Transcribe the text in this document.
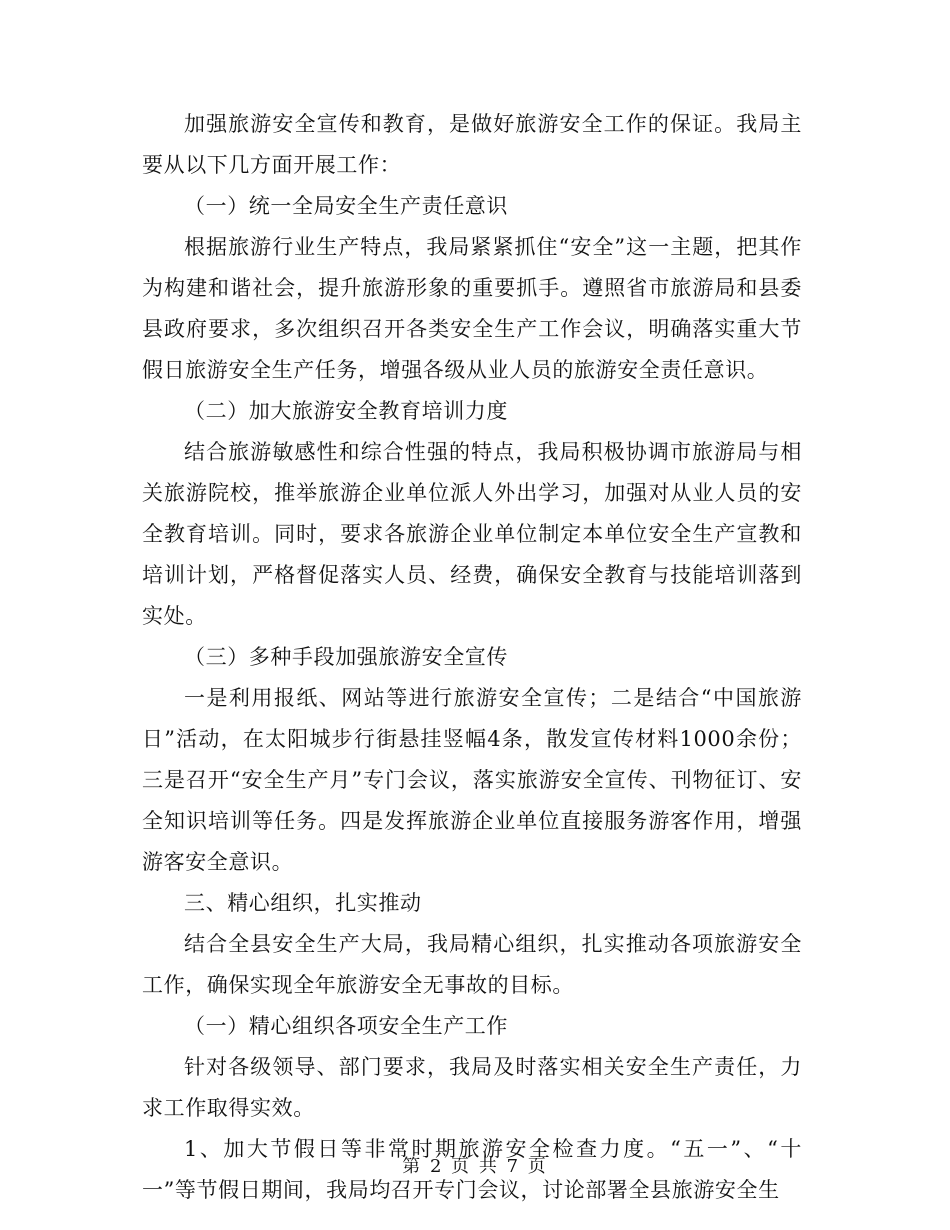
加强旅游安全宣传和教育，是做好旅游安全工作的保证。我局主要从以下几方面开展工作：

（一）统一全局安全生产责任意识

根据旅游行业生产特点，我局紧紧抓住“安全”这一主题，把其作为构建和谐社会，提升旅游形象的重要抓手。遵照省市旅游局和县委县政府要求，多次组织召开各类安全生产工作会议，明确落实重大节假日旅游安全生产任务，增强各级从业人员的旅游安全责任意识。

（二）加大旅游安全教育培训力度

结合旅游敏感性和综合性强的特点，我局积极协调市旅游局与相关旅游院校，推举旅游企业单位派人外出学习，加强对从业人员的安全教育培训。同时，要求各旅游企业单位制定本单位安全生产宣教和培训计划，严格督促落实人员、经费，确保安全教育与技能培训落到实处。

（三）多种手段加强旅游安全宣传

一是利用报纸、网站等进行旅游安全宣传；二是结合“中国旅游日”活动，在太阳城步行街悬挂竖幅4条，散发宣传材料1000余份；三是召开“安全生产月”专门会议，落实旅游安全宣传、刊物征订、安全知识培训等任务。四是发挥旅游企业单位直接服务游客作用，增强游客安全意识。

三、精心组织，扎实推动

结合全县安全生产大局，我局精心组织，扎实推动各项旅游安全工作，确保实现全年旅游安全无事故的目标。

（一）精心组织各项安全生产工作

针对各级领导、部门要求，我局及时落实相关安全生产责任，力求工作取得实效。

1、加大节假日等非常时期旅游安全检查力度。“五一”、“十一”等节假日期间，我局均召开专门会议，讨论部署全县旅游安全生

第 2 页 共 7 页
